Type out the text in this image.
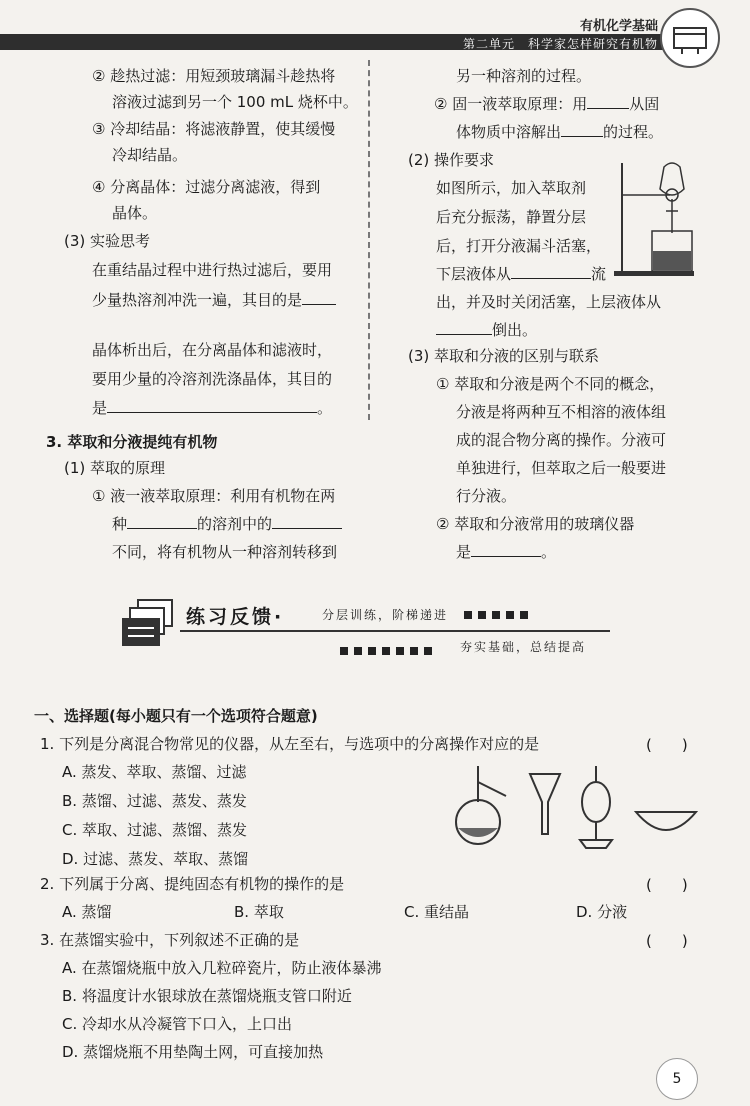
有机化学基础
第二单元　科学家怎样研究有机物
② 趁热过滤：用短颈玻璃漏斗趁热将
溶液过滤到另一个 100 mL 烧杯中。
③ 冷却结晶：将滤液静置，使其缓慢
冷却结晶。
④ 分离晶体：过滤分离滤液，得到
晶体。
(3) 实验思考
在重结晶过程中进行热过滤后，要用
少量热溶剂冲洗一遍，其目的是
晶体析出后，在分离晶体和滤液时，
要用少量的冷溶剂洗涤晶体，其目的
是	。
3. 萃取和分液提纯有机物
(1) 萃取的原理
① 液一液萃取原理：利用有机物在两
种	的溶剂中的
不同，将有机物从一种溶剂转移到
另一种溶剂的过程。
② 固一液萃取原理：用	从固
体物质中溶解出	的过程。
(2) 操作要求
如图所示，加入萃取剂
后充分振荡，静置分层
后，打开分液漏斗活塞，
下层液体从	流
出，并及时关闭活塞，上层液体从
倒出。
(3) 萃取和分液的区别与联系
① 萃取和分液是两个不同的概念，
分液是将两种互不相溶的液体组
成的混合物分离的操作。分液可
单独进行，但萃取之后一般要进
行分液。
② 萃取和分液常用的玻璃仪器
是	。
练习反馈·	分层训练，阶梯递进
夯实基础，总结提高
一、选择题(每小题只有一个选项符合题意)
1. 下列是分离混合物常见的仪器，从左至右，与选项中的分离操作对应的是	( )
A. 蒸发、萃取、蒸馏、过滤
B. 蒸馏、过滤、蒸发、蒸发
C. 萃取、过滤、蒸馏、蒸发
D. 过滤、蒸发、萃取、蒸馏
2. 下列属于分离、提纯固态有机物的操作的是
A. 蒸馏	B. 萃取	C. 重结晶	D. 分液
( )
3. 在蒸馏实验中，下列叙述不正确的是	( )
A. 在蒸馏烧瓶中放入几粒碎瓷片，防止液体暴沸
B. 将温度计水银球放在蒸馏烧瓶支管口附近
C. 冷却水从冷凝管下口入，上口出
D. 蒸馏烧瓶不用垫陶土网，可直接加热
5
